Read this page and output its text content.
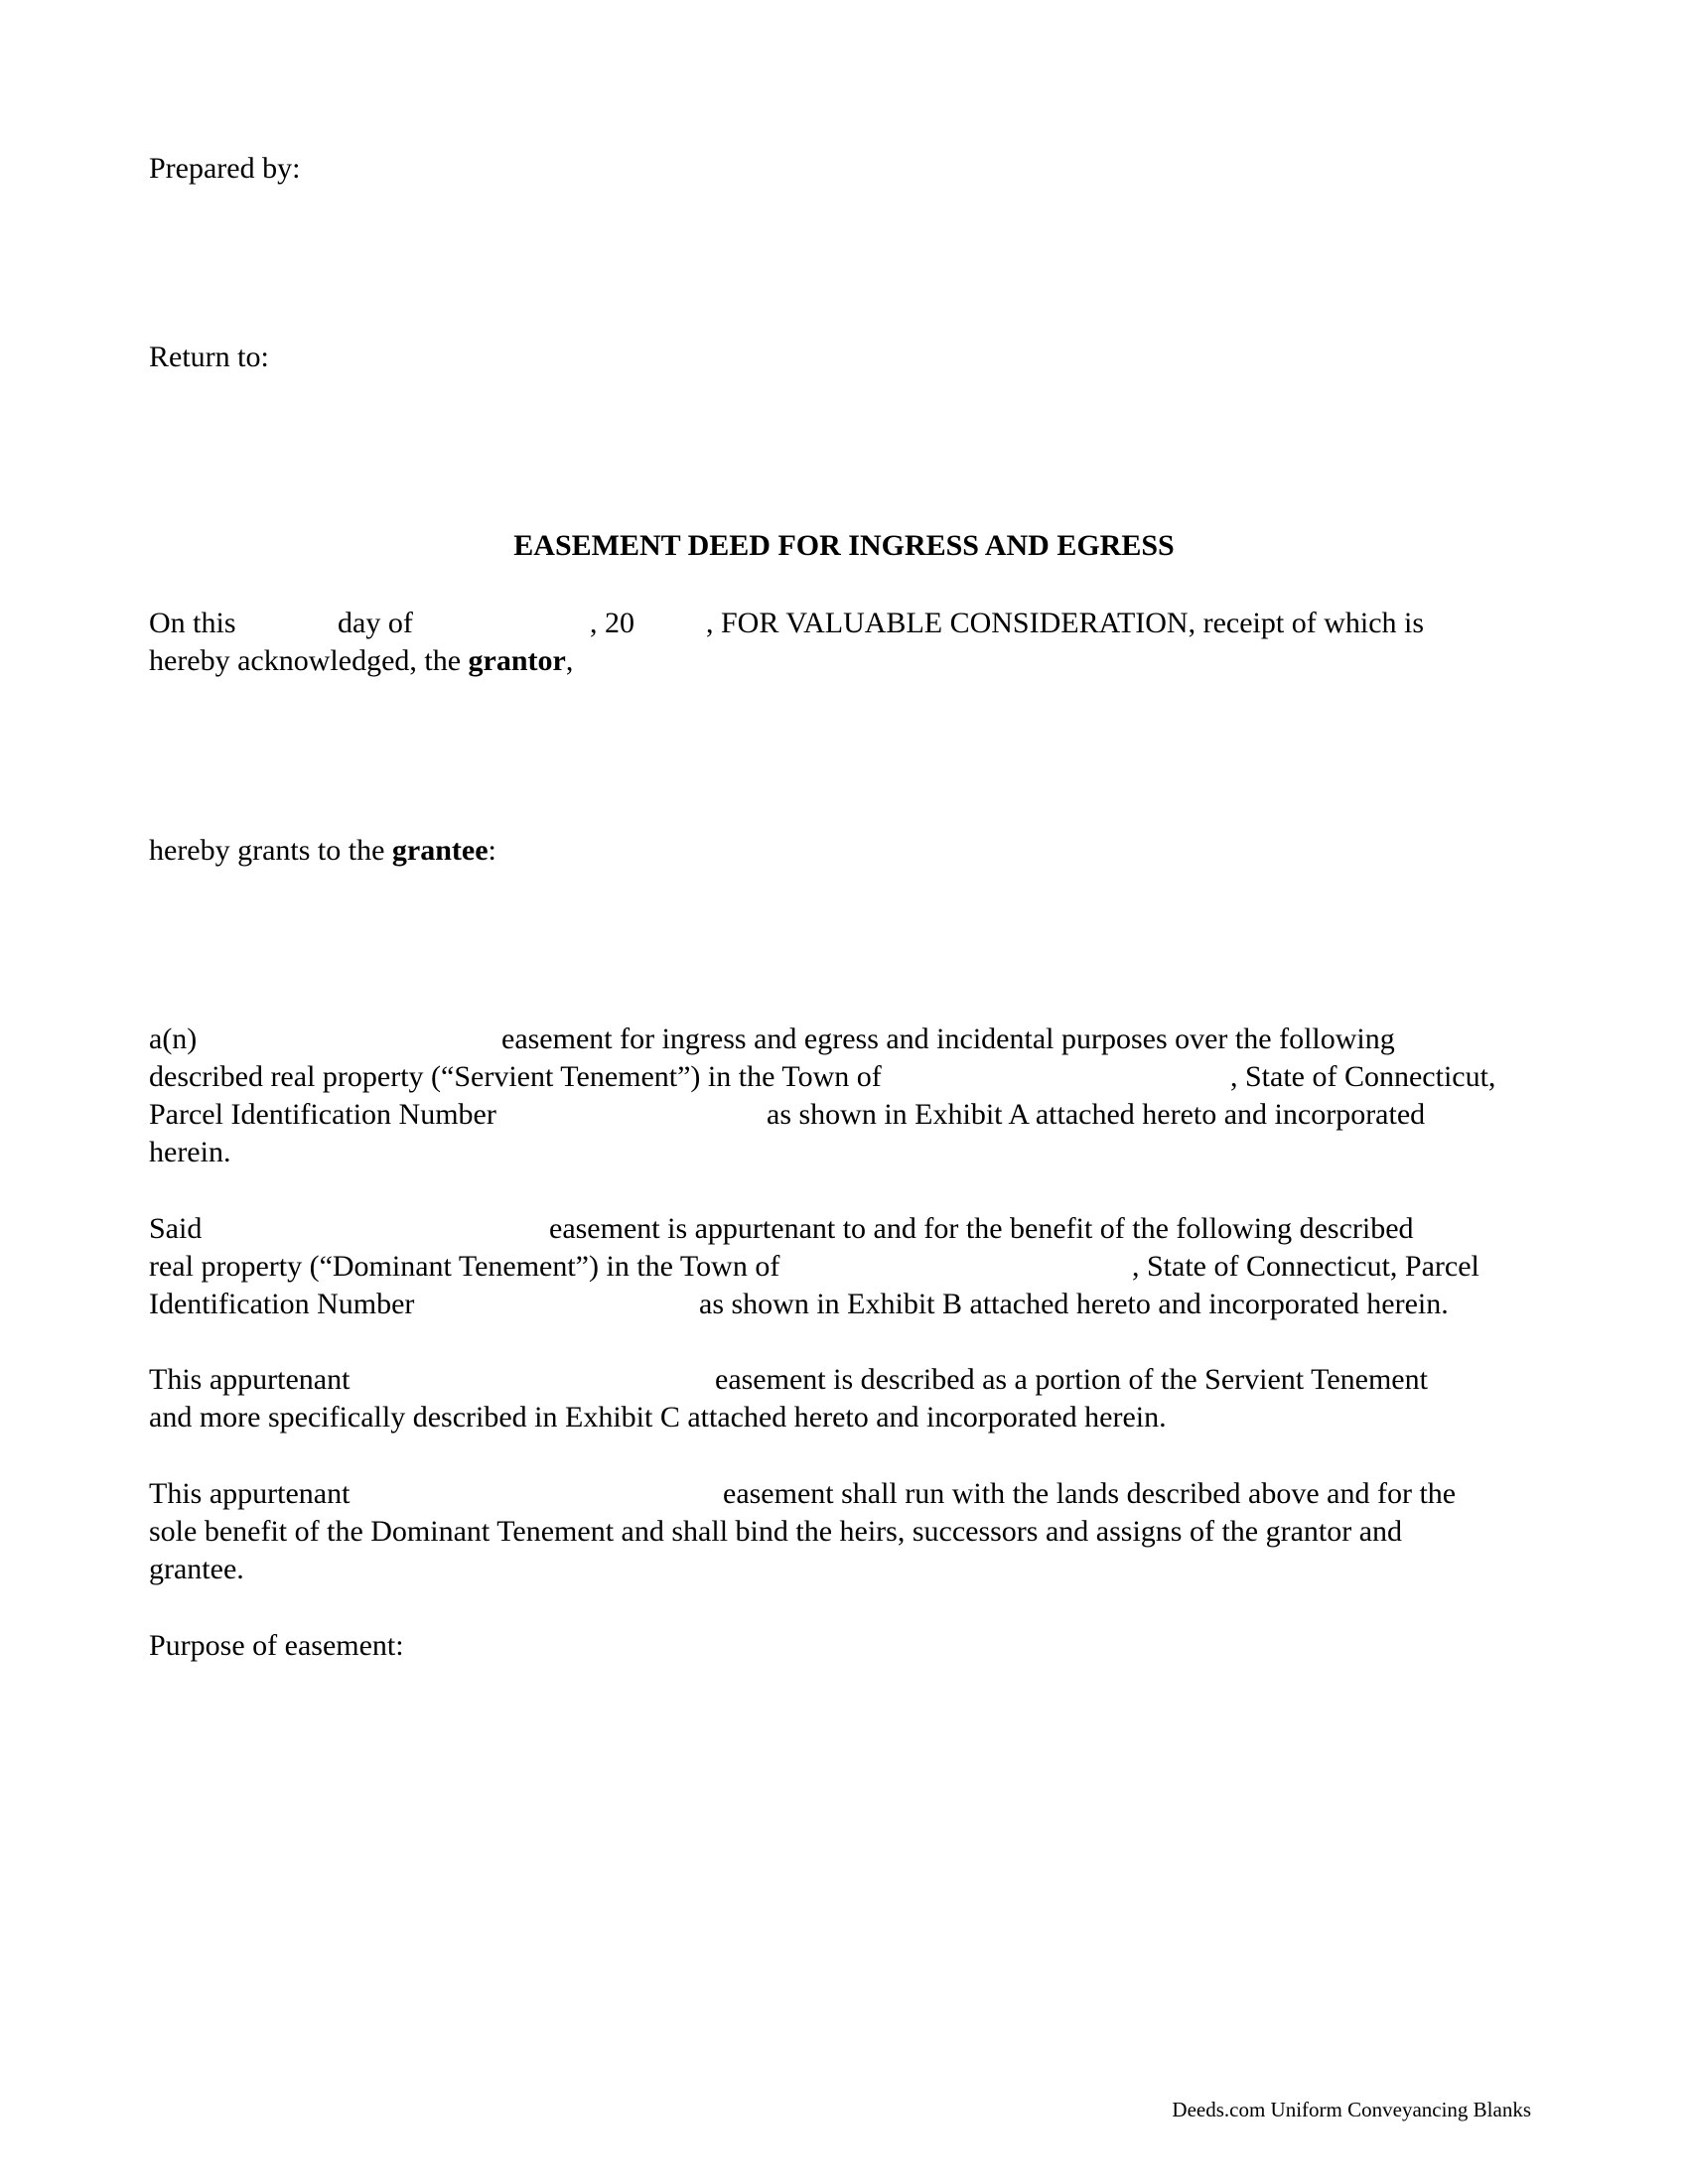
Prepared by:
Return to:
EASEMENT DEED FOR INGRESS AND EGRESS
On this	day of	, 20 , FOR VALUABLE CONSIDERATION, receipt of which is
hereby acknowledged, the grantor,
hereby grants to the grantee:
a(n)	easement for ingress and egress and incidental purposes over the following
described real property (“Servient Tenement”) in the Town of	, State of Connecticut,
Parcel Identification Number	as shown in Exhibit A attached hereto and incorporated
herein.
Said	easement is appurtenant to and for the benefit of the following described
real property (“Dominant Tenement”) in the Town of	, State of Connecticut, Parcel
Identification Number	as shown in Exhibit B attached hereto and incorporated herein.
This appurtenant	easement is described as a portion of the Servient Tenement
and more specifically described in Exhibit C attached hereto and incorporated herein.
This appurtenant	easement shall run with the lands described above and for the
sole benefit of the Dominant Tenement and shall bind the heirs, successors and assigns of the grantor and
grantee.
Purpose of easement:
Deeds.com Uniform Conveyancing Blanks
